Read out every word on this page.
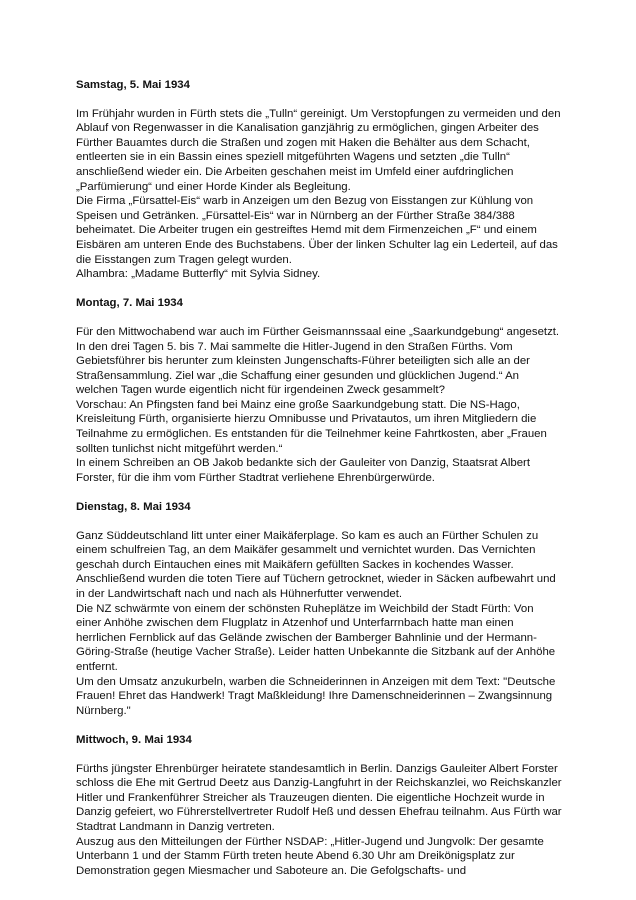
Samstag, 5. Mai 1934

Im Frühjahr wurden in Fürth stets die „Tulln“ gereinigt. Um Verstopfungen zu vermeiden und den Ablauf von Regenwasser in die Kanalisation ganzjährig zu ermöglichen, gingen Arbeiter des Fürther Bauamtes durch die Straßen und zogen mit Haken die Behälter aus dem Schacht, entleerten sie in ein Bassin eines speziell mitgeführten Wagens und setzten „die Tulln“ anschließend wieder ein. Die Arbeiten geschahen meist im Umfeld einer aufdringlichen „Parfümierung“ und einer Horde Kinder als Begleitung.

Die Firma „Fürsattel-Eis“ warb in Anzeigen um den Bezug von Eisstangen zur Kühlung von Speisen und Getränken. „Fürsattel-Eis“ war in Nürnberg an der Fürther Straße 384/388 beheimatet. Die Arbeiter trugen ein gestreiftes Hemd mit dem Firmenzeichen „F“ und einem Eisbären am unteren Ende des Buchstabens. Über der linken Schulter lag ein Lederteil, auf das die Eisstangen zum Tragen gelegt wurden.

Alhambra: „Madame Butterfly“ mit Sylvia Sidney.

Montag, 7. Mai 1934

Für den Mittwochabend war auch im Fürther Geismannssaal eine „Saarkundgebung“ angesetzt.

In den drei Tagen 5. bis 7. Mai sammelte die Hitler-Jugend in den Straßen Fürths. Vom Gebietsführer bis herunter zum kleinsten Jungenschafts-Führer beteiligten sich alle an der Straßensammlung. Ziel war „die Schaffung einer gesunden und glücklichen Jugend.“ An welchen Tagen wurde eigentlich nicht für irgendeinen Zweck gesammelt?

Vorschau: An Pfingsten fand bei Mainz eine große Saarkundgebung statt. Die NS-Hago, Kreisleitung Fürth, organisierte hierzu Omnibusse und Privatautos, um ihren Mitgliedern die Teilnahme zu ermöglichen. Es entstanden für die Teilnehmer keine Fahrtkosten, aber „Frauen sollten tunlichst nicht mitgeführt werden.“

In einem Schreiben an OB Jakob bedankte sich der Gauleiter von Danzig, Staatsrat Albert Forster, für die ihm vom Fürther Stadtrat verliehene Ehrenbürgerwürde.

Dienstag, 8. Mai 1934

Ganz Süddeutschland litt unter einer Maikäferplage. So kam es auch an Fürther Schulen zu einem schulfreien Tag, an dem Maikäfer gesammelt und vernichtet wurden. Das Vernichten geschah durch Eintauchen eines mit Maikäfern gefüllten Sackes in kochendes Wasser. Anschließend wurden die toten Tiere auf Tüchern getrocknet, wieder in Säcken aufbewahrt und in der Landwirtschaft nach und nach als Hühnerfutter verwendet.

Die NZ schwärmte von einem der schönsten Ruheplätze im Weichbild der Stadt Fürth: Von einer Anhöhe zwischen dem Flugplatz in Atzenhof und Unterfarrnbach hatte man einen herrlichen Fernblick auf das Gelände zwischen der Bamberger Bahnlinie und der Hermann-Göring-Straße (heutige Vacher Straße). Leider hatten Unbekannte die Sitzbank auf der Anhöhe entfernt.

Um den Umsatz anzukurbeln, warben die Schneiderinnen in Anzeigen mit dem Text: "Deutsche Frauen! Ehret das Handwerk! Tragt Maßkleidung! Ihre Damenschneiderinnen – Zwangsinnung Nürnberg."

Mittwoch, 9. Mai 1934

Fürths jüngster Ehrenbürger heiratete standesamtlich in Berlin. Danzigs Gauleiter Albert Forster schloss die Ehe mit Gertrud Deetz aus Danzig-Langfuhrt in der Reichskanzlei, wo Reichskanzler Hitler und Frankenführer Streicher als Trauzeugen dienten. Die eigentliche Hochzeit wurde in Danzig gefeiert, wo Führerstellvertreter Rudolf Heß und dessen Ehefrau teilnahm. Aus Fürth war Stadtrat Landmann in Danzig vertreten.

Auszug aus den Mitteilungen der Fürther NSDAP: „Hitler-Jugend und Jungvolk: Der gesamte Unterbann 1 und der Stamm Fürth treten heute Abend 6.30 Uhr am Dreikönigsplatz zur Demonstration gegen Miesmacher und Saboteure an. Die Gefolgschafts- und
